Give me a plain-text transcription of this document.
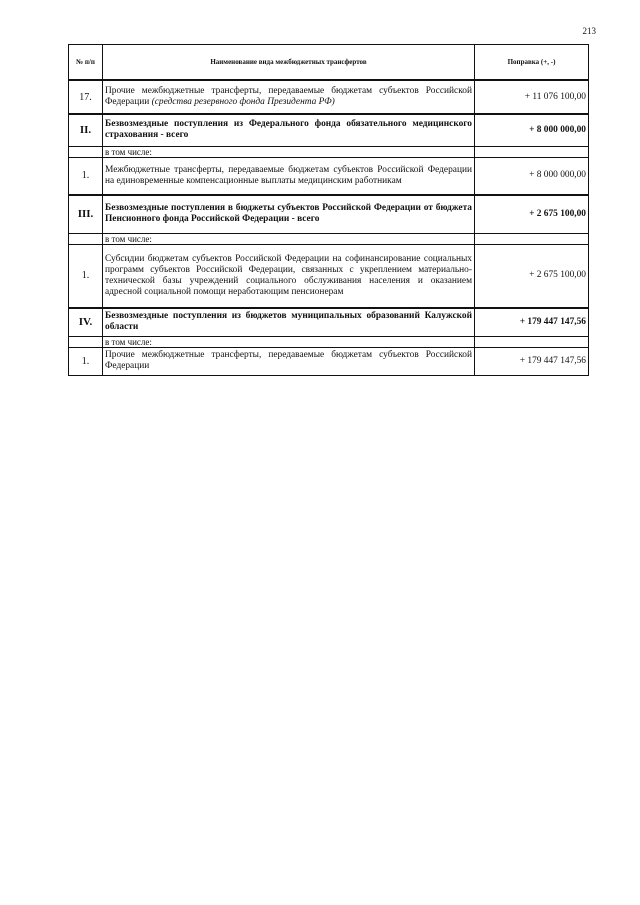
213
№ п/п	Наименование вида межбюджетных трансфертов	Поправка (+, -)
17.	Прочие межбюджетные трансферты, передаваемые бюджетам субъектов Российской Федерации (средства резервного фонда Президента РФ)	+ 11 076 100,00
II.	Безвозмездные поступления из Федерального фонда обязательного медицинского страхования - всего	+ 8 000 000,00
	в том числе:	
1.	Межбюджетные трансферты, передаваемые бюджетам субъектов Российской Федерации на единовременные компенсационные выплаты медицинским работникам	+ 8 000 000,00
III.	Безвозмездные поступления в бюджеты субъектов Российской Федерации от бюджета Пенсионного фонда Российской Федерации - всего	+ 2 675 100,00
	в том числе:	
1.	Субсидии бюджетам субъектов Российской Федерации на софинансирование социальных программ субъектов Российской Федерации, связанных с укреплением материально-технической базы учреждений социального обслуживания населения и оказанием адресной социальной помощи неработающим пенсионерам	+ 2 675 100,00
IV.	Безвозмездные поступления из бюджетов муниципальных образований Калужской области	+ 179 447 147,56
	в том числе:	
1.	Прочие межбюджетные трансферты, передаваемые бюджетам субъектов Российской Федерации	+ 179 447 147,56
